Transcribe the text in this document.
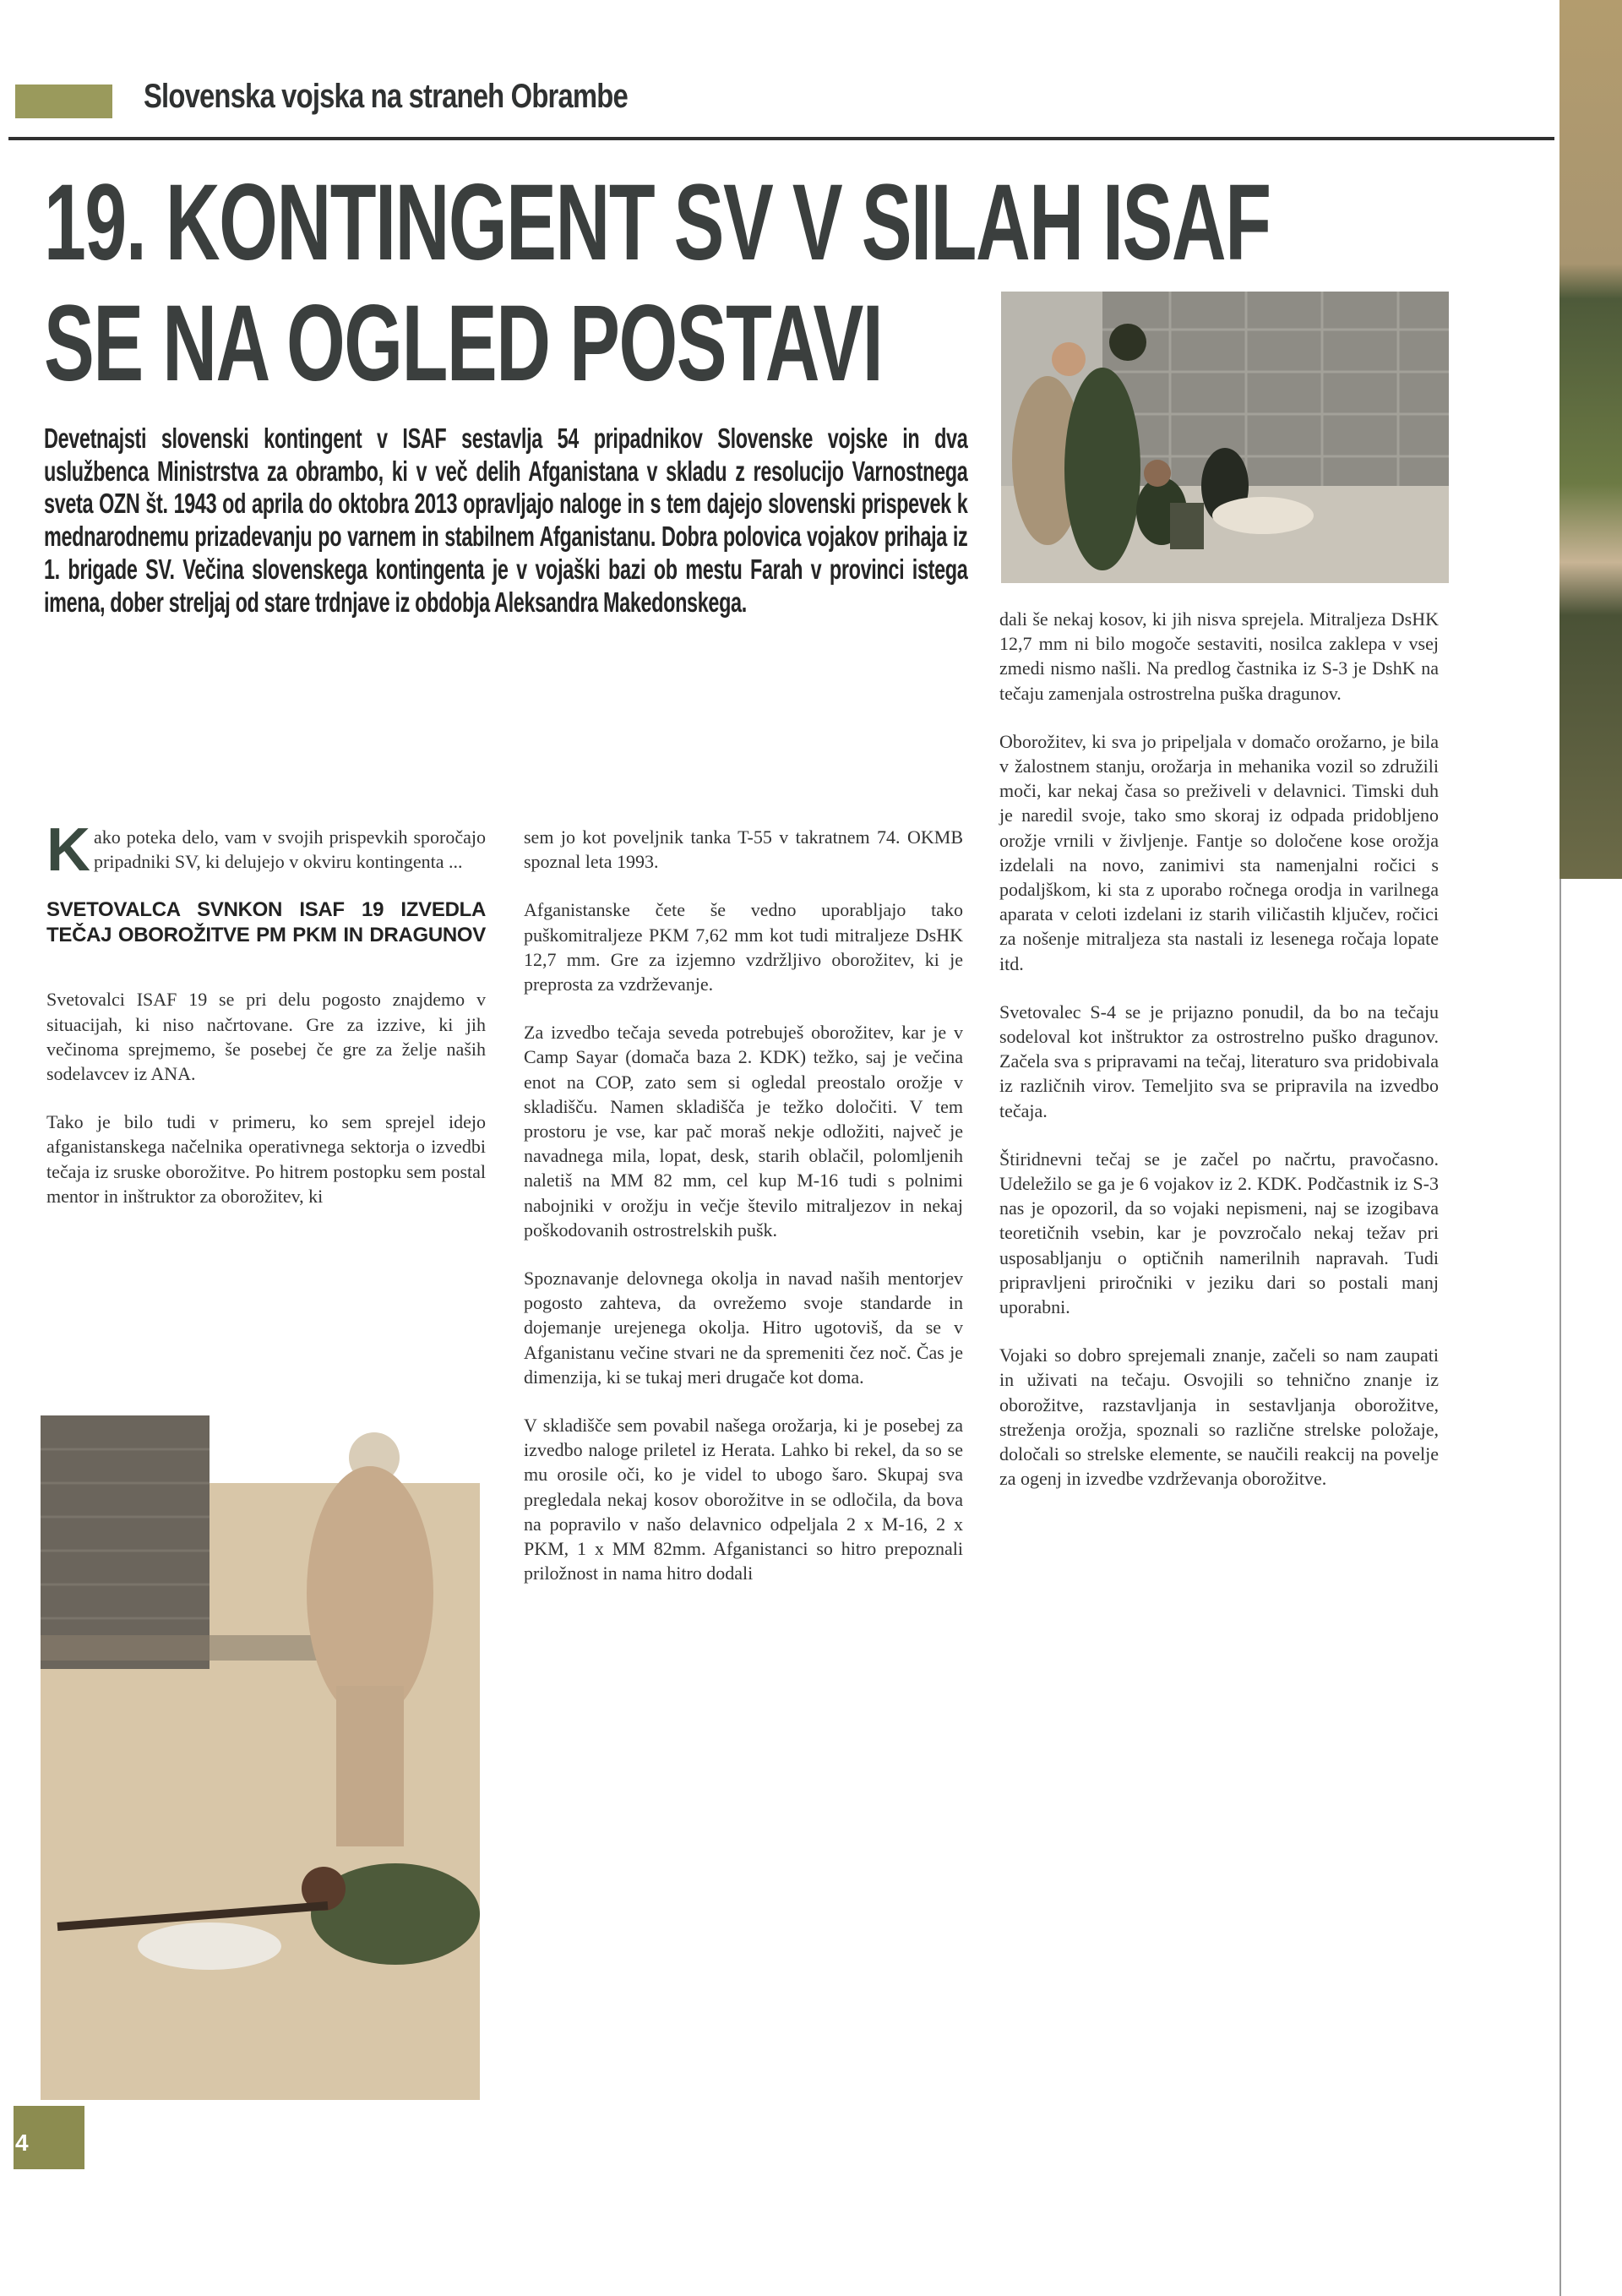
Slovenska vojska na straneh Obrambe
19. KONTINGENT SV V SILAH ISAF
SE NA OGLED POSTAVI
Devetnajsti slovenski kontingent v ISAF sestavlja 54 pripadnikov Slovenske vojske in dva uslužbenca Ministrstva za obrambo, ki v več delih Afganistana v skladu z resolucijo Varnostnega sveta OZN št. 1943 od aprila do oktobra 2013 opravljajo naloge in s tem dajejo slovenski prispevek k mednarodnemu prizadevanju po varnem in stabilnem Afganistanu. Dobra polovica vojakov prihaja iz 1. brigade SV. Večina slovenskega kontingenta je v vojaški bazi ob mestu Farah v provinci istega imena, dober streljaj od stare trdnjave iz obdobja Aleksandra Makedonskega.

K ako poteka delo, vam v svojih prispevkih sporočajo pripadniki SV, ki delujejo v okviru kontingenta ...

SVETOVALCA SVNKON ISAF 19 IZVEDLA TEČAJ OBOROŽITVE PM PKM IN DRAGUNOV

Svetovalci ISAF 19 se pri delu pogosto znajdemo v situacijah, ki niso načrtovane. Gre za izzive, ki jih večinoma sprejmemo, še posebej če gre za želje naših sodelavcev iz ANA.

Tako je bilo tudi v primeru, ko sem sprejel idejo afganistanskega načelnika operativnega sektorja o izvedbi tečaja iz sruske oborožitve. Po hitrem postopku sem postal mentor in inštruktor za oborožitev, ki

sem jo kot poveljnik tanka T-55 v takratnem 74. OKMB spoznal leta 1993.

Afganistanske čete še vedno uporabljajo tako puškomitraljeze PKM 7,62 mm kot tudi mitraljeze DsHK 12,7 mm. Gre za izjemno vzdržljivo oborožitev, ki je preprosta za vzdrževanje.

Za izvedbo tečaja seveda potrebuješ oborožitev, kar je v Camp Sayar (domača baza 2. KDK) težko, saj je večina enot na COP, zato sem si ogledal preostalo orožje v skladišču. Namen skladišča je težko določiti. V tem prostoru je vse, kar pač moraš nekje odložiti, največ je navadnega mila, lopat, desk, starih oblačil, polomljenih naletiš na MM 82 mm, cel kup M-16 tudi s polnimi nabojniki v orožju in večje število mitraljezov in nekaj poškodovanih ostrostrelskih pušk.

Spoznavanje delovnega okolja in navad naših mentorjev pogosto zahteva, da ovrežemo svoje standarde in dojemanje urejenega okolja. Hitro ugotoviš, da se v Afganistanu večine stvari ne da spremeniti čez noč. Čas je dimenzija, ki se tukaj meri drugače kot doma.

V skladišče sem povabil našega orožarja, ki je posebej za izvedbo naloge priletel iz Herata. Lahko bi rekel, da so se mu orosile oči, ko je videl to ubogo šaro. Skupaj sva pregledala nekaj kosov oborožitve in se odločila, da bova na popravilo v našo delavnico odpeljala 2 x M-16, 2 x PKM, 1 x MM 82mm. Afganistanci so hitro prepoznali priložnost in nama hitro dodali

dali še nekaj kosov, ki jih nisva sprejela. Mitraljeza DsHK 12,7 mm ni bilo mogoče sestaviti, nosilca zaklepa v vsej zmedi nismo našli. Na predlog častnika iz S-3 je DshK na tečaju zamenjala ostrostrelna puška dragunov.

Oborožitev, ki sva jo pripeljala v domačo orožarno, je bila v žalostnem stanju, orožarja in mehanika vozil so združili moči, kar nekaj časa so preživeli v delavnici. Timski duh je naredil svoje, tako smo skoraj iz odpada pridobljeno orožje vrnili v življenje. Fantje so določene kose orožja izdelali na novo, zanimivi sta namenjalni ročici s podaljškom, ki sta z uporabo ročnega orodja in varilnega aparata v celoti izdelani iz starih viličastih ključev, ročici za nošenje mitraljeza sta nastali iz lesenega ročaja lopate itd.

Svetovalec S-4 se je prijazno ponudil, da bo na tečaju sodeloval kot inštruktor za ostrostrelno puško dragunov. Začela sva s pripravami na tečaj, literaturo sva pridobivala iz različnih virov. Temeljito sva se pripravila na izvedbo tečaja.

Štiridnevni tečaj se je začel po načrtu, pravočasno. Udeležilo se ga je 6 vojakov iz 2. KDK. Podčastnik iz S-3 nas je opozoril, da so vojaki nepismeni, naj se izogibava teoretičnih vsebin, kar je povzročalo nekaj težav pri usposabljanju o optičnih namerilnih napravah. Tudi pripravljeni priročniki v jeziku dari so postali manj uporabni.

Vojaki so dobro sprejemali znanje, začeli so nam zaupati in uživati na tečaju. Osvojili so tehnično znanje iz oborožitve, razstavljanja in sestavljanja oborožitve, streženja orožja, spoznali so različne strelske položaje, določali so strelske elemente, se naučili reakcij na povelje za ogenj in izvedbe vzdrževanja oborožitve.

4
